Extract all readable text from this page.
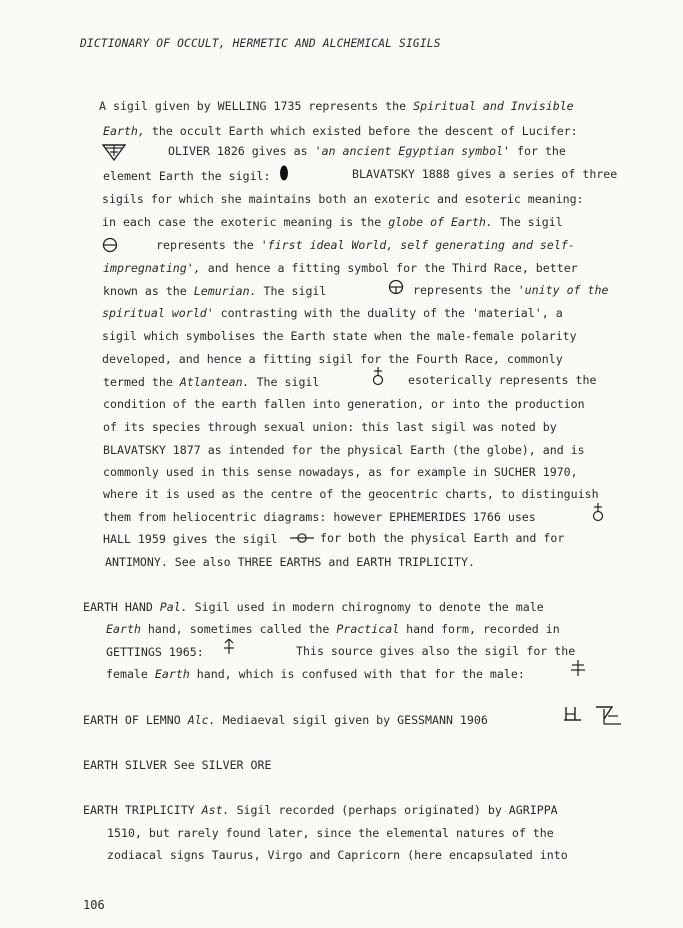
DICTIONARY OF OCCULT, HERMETIC AND ALCHEMICAL SIGILS
A sigil given by WELLING 1735 represents the Spiritual and Invisible
Earth, the occult Earth which existed before the descent of Lucifer:
OLIVER 1826 gives as 'an ancient Egyptian symbol' for the
element Earth the sigil:	BLAVATSKY 1888 gives a series of three
sigils for which she maintains both an exoteric and esoteric meaning:
in each case the exoteric meaning is the globe of Earth. The sigil
represents the 'first ideal World, self generating and self-
impregnating', and hence a fitting symbol for the Third Race, better
known as the Lemurian. The sigil	represents the 'unity of the
spiritual world' contrasting with the duality of the 'material', a
sigil which symbolises the Earth state when the male-female polarity
developed, and hence a fitting sigil for the Fourth Race, commonly
termed the Atlantean. The sigil	esoterically represents the
condition of the earth fallen into generation, or into the production
of its species through sexual union: this last sigil was noted by
BLAVATSKY 1877 as intended for the physical Earth (the globe), and is
commonly used in this sense nowadays, as for example in SUCHER 1970,
where it is used as the centre of the geocentric charts, to distinguish
them from heliocentric diagrams: however EPHEMERIDES 1766 uses
HALL 1959 gives the sigil	for both the physical Earth and for
ANTIMONY. See also THREE EARTHS and EARTH TRIPLICITY.
EARTH HAND Pal. Sigil used in modern chirognomy to denote the male
Earth hand, sometimes called the Practical hand form, recorded in
GETTINGS 1965:	This source gives also the sigil for the
female Earth hand, which is confused with that for the male:
EARTH OF LEMNO Alc. Mediaeval sigil given by GESSMANN 1906
EARTH SILVER See SILVER ORE
EARTH TRIPLICITY Ast. Sigil recorded (perhaps originated) by AGRIPPA
1510, but rarely found later, since the elemental natures of the
zodiacal signs Taurus, Virgo and Capricorn (here encapsulated into
106
